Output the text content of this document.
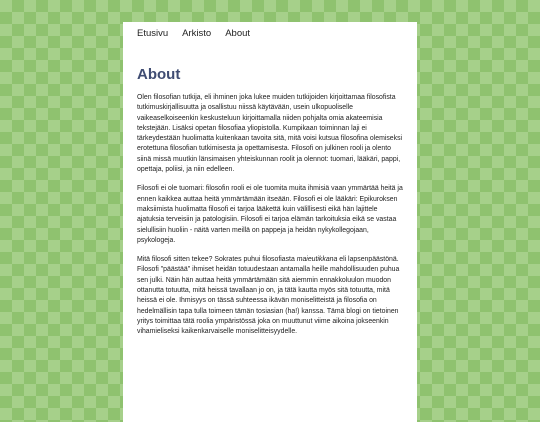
Etusivu Arkisto About
About

Olen filosofian tutkija, eli ihminen joka lukee muiden tutkijoiden kirjoittamaa filosofista tutkimuskirjallisuutta ja osallistuu niissä käytävään, usein ulkopuoliselle vaikeaselkoiseenkin keskusteluun kirjoittamalla niiden pohjalta omia akateemisia tekstejään. Lisäksi opetan filosofiaa yliopistolla. Kumpikaan toiminnan laji ei tärkeydestään huolimatta kuitenkaan tavoita sitä, mitä voisi kutsua filosofina olemiseksi erotettuna filosofian tutkimisesta ja opettamisesta. Filosofi on julkinen rooli ja olento siinä missä muutkin länsimaisen yhteiskunnan roolit ja olennot: tuomari, lääkäri, pappi, opettaja, poliisi, ja niin edelleen.

Filosofi ei ole tuomari: filosofin rooli ei ole tuomita muita ihmisiä vaan ymmärtää heitä ja ennen kaikkea auttaa heitä ymmärtämään itseään. Filosofi ei ole lääkäri: Epikuroksen maksiimista huolimatta filosofi ei tarjoa lääkettä kuin välillisesti eikä hän lajittele ajatuksia terveisiin ja patologisiin. Filosofi ei tarjoa elämän tarkoituksia eikä se vastaa sielullisiin huoliin - näitä varten meillä on pappeja ja heidän nykykollegojaan, psykologeja.

Mitä filosofi sitten tekee? Sokrates puhui filosofiasta maieutikkana eli lapsenpäästönä. Filosofi "päästää" ihmiset heidän totuudestaan antamalla heille mahdollisuuden puhua sen julki. Näin hän auttaa heitä ymmärtämään sitä aiemmin ennakkoluulon muodon ottanutta totuutta, mitä heissä tavallaan jo on, ja tätä kautta myös sitä totuutta, mitä heissä ei ole. Ihmisyys on tässä suhteessa ikävän moniselitteistä ja filosofia on hedelmällisin tapa tulla toimeen tämän tosiasian (ha!) kanssa. Tämä blogi on tietoinen yritys toimittaa tätä roolia ympäristössä joka on muuttunut viime aikoina jokseenkin vihamieliseksi kaikenkarvaiselle moniselitteisyydelle.
